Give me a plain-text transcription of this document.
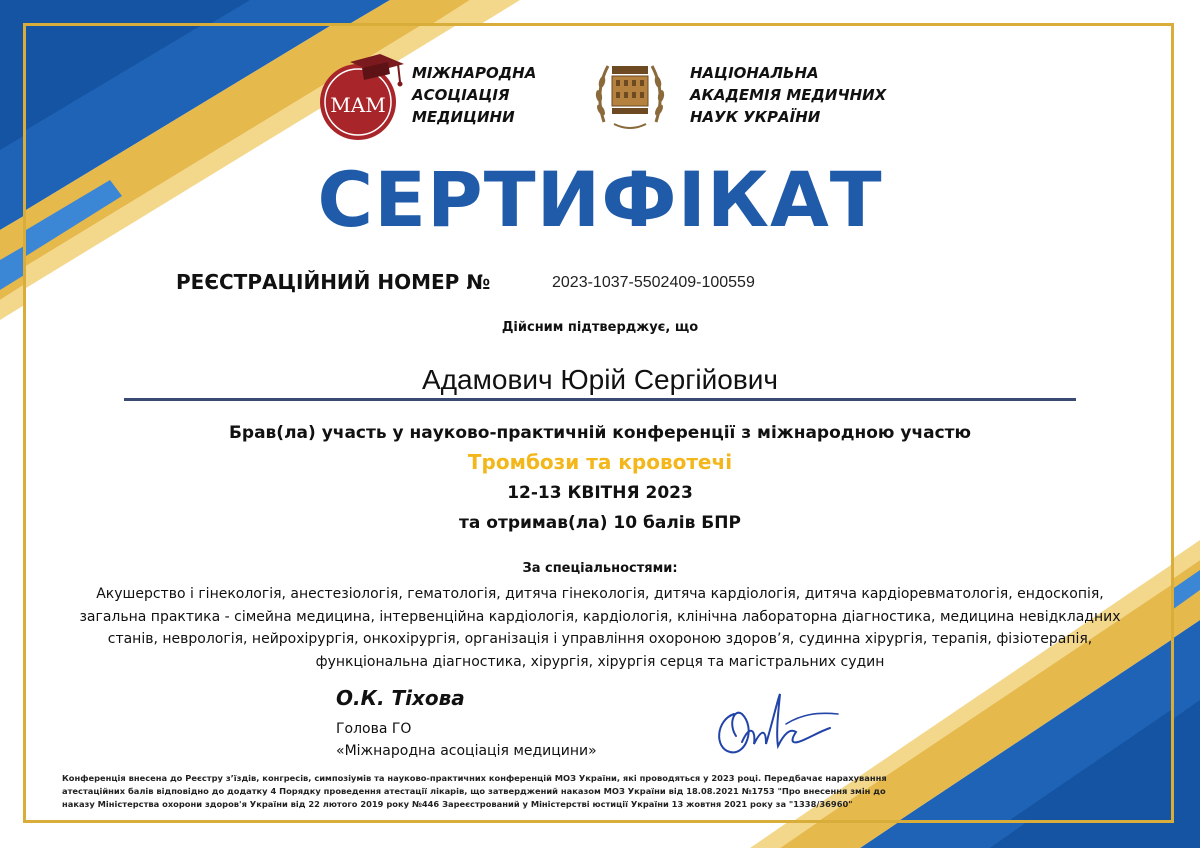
MAM
МІЖНАРОДНА
АСОЦІАЦІЯ
МЕДИЦИНИ
НАЦІОНАЛЬНА
АКАДЕМІЯ МЕДИЧНИХ
НАУК УКРАЇНИ
СЕРТИФІКАТ
РЕЄСТРАЦІЙНИЙ НОМЕР №	2023-1037-5502409-100559
Дійсним підтверджує, що
Адамович Юрій Сергійович
Брав(ла) участь у науково-практичній конференції з міжнародною участю
Тромбози та кровотечі
12-13 КВІТНЯ 2023
та отримав(ла) 10 балів БПР
За спеціальностями:
Акушерство і гінекологія, анестезіологія, гематологія, дитяча гінекологія, дитяча кардіологія, дитяча кардіоревматологія, ендоскопія,
загальна практика - сімейна медицина, інтервенційна кардіологія, кардіологія, клінічна лабораторна діагностика, медицина невідкладних
станів, неврологія, нейрохірургія, онкохірургія, організація і управління охороною здоров’я, судинна хірургія, терапія, фізіотерапія,
функціональна діагностика, хірургія, хірургія серця та магістральних судин
О.К. Тіхова
Голова ГО
«Міжнародна асоціація медицини»
Конференція внесена до Реєстру з’їздів, конгресів, симпозіумів та науково-практичних конференцій МОЗ України, які проводяться у 2023 році. Передбачає нарахування
атестаційних балів відповідно до додатку 4 Порядку проведення атестації лікарів, що затверджений наказом МОЗ України від 18.08.2021 №1753 "Про внесення змін до
наказу Міністерства охорони здоров'я України від 22 лютого 2019 року №446 Зареєстрований у Міністерстві юстиції України 13 жовтня 2021 року за "1338/36960"
